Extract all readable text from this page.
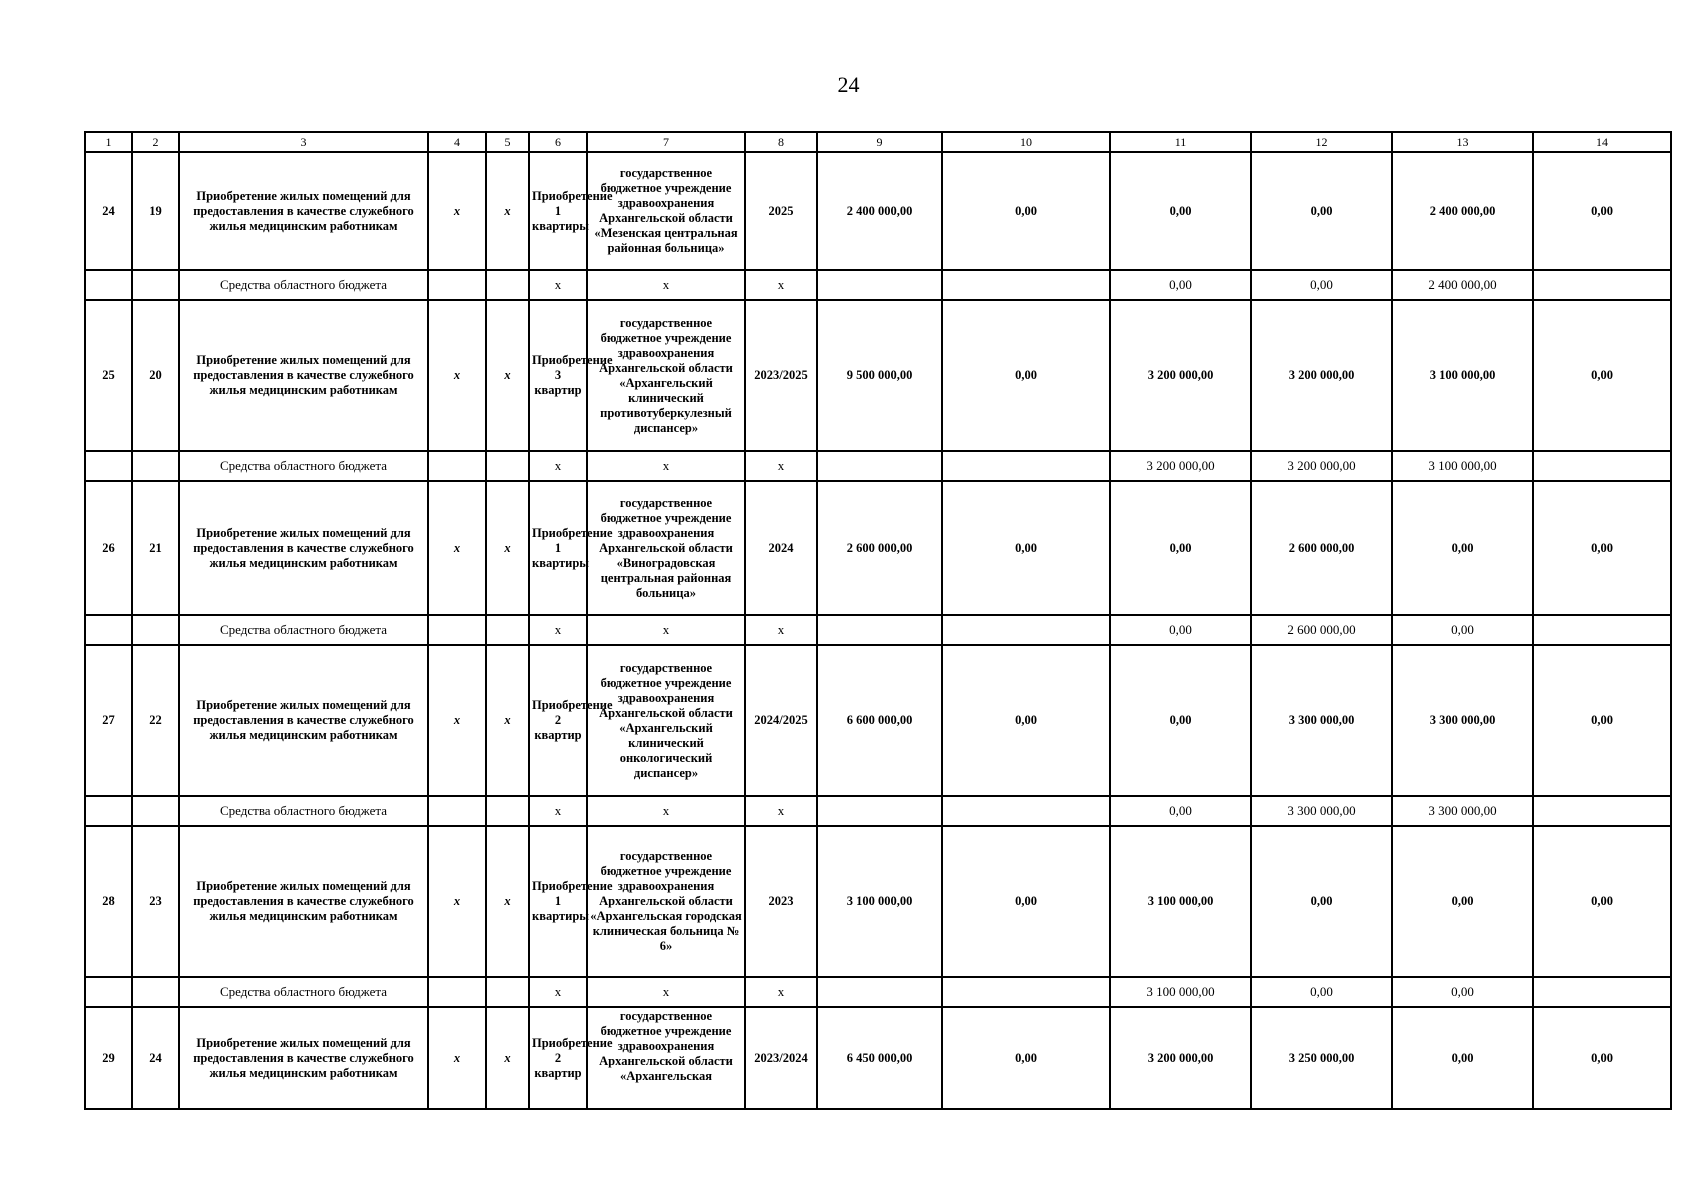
24
1	2	3	4	5	6	7	8	9	10	11	12	13	14
24	19	Приобретение жилых помещений для предоставления в качестве служебного жилья медицинским работникам	x	x	Приобретение 1 квартиры	государственное бюджетное учреждение здравоохранения Архангельской области «Мезенская центральная районная больница»	2025	2 400 000,00	0,00	0,00	0,00	2 400 000,00	0,00
		Средства областного бюджета			x	x	x			0,00	0,00	2 400 000,00	
25	20	Приобретение жилых помещений для предоставления в качестве служебного жилья медицинским работникам	x	x	Приобретение 3 квартир	государственное бюджетное учреждение здравоохранения Архангельской области «Архангельский клинический противотуберкулезный диспансер»	2023/2025	9 500 000,00	0,00	3 200 000,00	3 200 000,00	3 100 000,00	0,00
		Средства областного бюджета			x	x	x			3 200 000,00	3 200 000,00	3 100 000,00	
26	21	Приобретение жилых помещений для предоставления в качестве служебного жилья медицинским работникам	x	x	Приобретение 1 квартиры	государственное бюджетное учреждение здравоохранения Архангельской области «Виноградовская центральная районная больница»	2024	2 600 000,00	0,00	0,00	2 600 000,00	0,00	0,00
		Средства областного бюджета			x	x	x			0,00	2 600 000,00	0,00	
27	22	Приобретение жилых помещений для предоставления в качестве служебного жилья медицинским работникам	x	x	Приобретение 2 квартир	государственное бюджетное учреждение здравоохранения Архангельской области «Архангельский клинический онкологический диспансер»	2024/2025	6 600 000,00	0,00	0,00	3 300 000,00	3 300 000,00	0,00
		Средства областного бюджета			x	x	x			0,00	3 300 000,00	3 300 000,00	
28	23	Приобретение жилых помещений для предоставления в качестве служебного жилья медицинским работникам	x	x	Приобретение 1 квартиры	государственное бюджетное учреждение здравоохранения Архангельской области «Архангельская городская клиническая больница № 6»	2023	3 100 000,00	0,00	3 100 000,00	0,00	0,00	0,00
		Средства областного бюджета			x	x	x			3 100 000,00	0,00	0,00	
29	24	Приобретение жилых помещений для предоставления в качестве служебного жилья медицинским работникам	x	x	Приобретение 2 квартир	государственное бюджетное учреждение здравоохранения Архангельской области «Архангельская	2023/2024	6 450 000,00	0,00	3 200 000,00	3 250 000,00	0,00	0,00
